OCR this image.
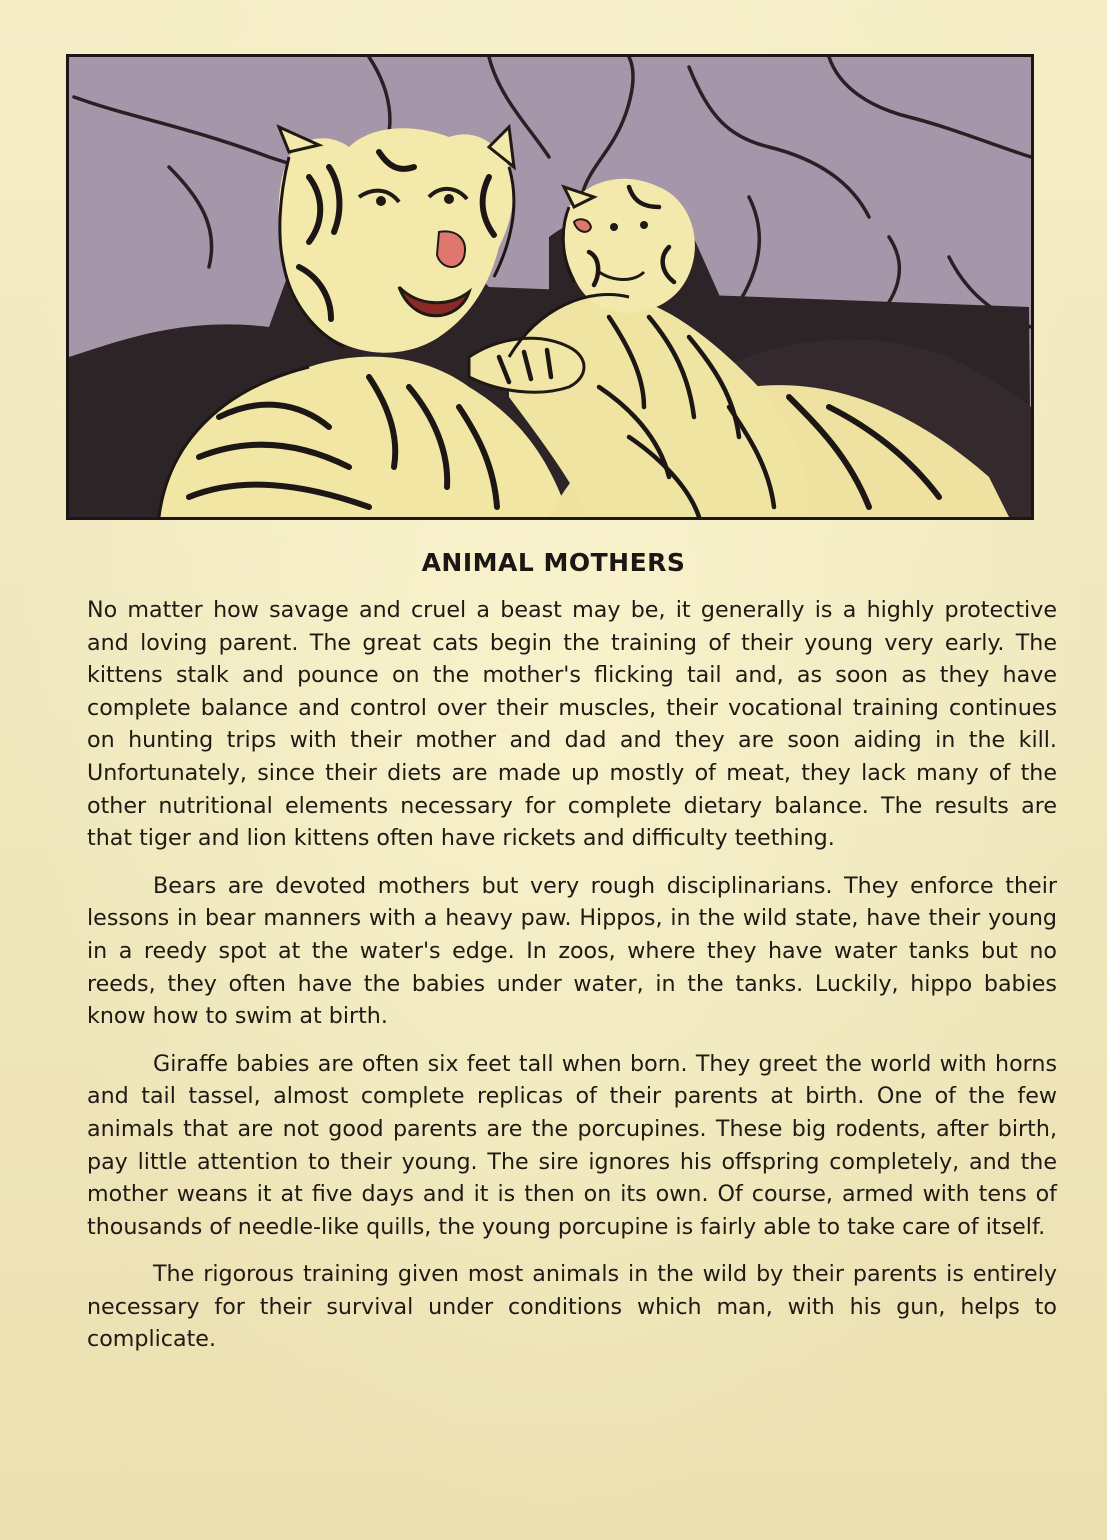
ANIMAL MOTHERS

No matter how savage and cruel a beast may be, it generally is a highly protective and loving parent. The great cats begin the training of their young very early. The kittens stalk and pounce on the mother's flicking tail and, as soon as they have complete balance and control over their muscles, their vocational training continues on hunting trips with their mother and dad and they are soon aiding in the kill. Unfortunately, since their diets are made up mostly of meat, they lack many of the other nutritional elements necessary for complete dietary balance. The results are that tiger and lion kittens often have rickets and difficulty teething.

Bears are devoted mothers but very rough disciplinarians. They enforce their lessons in bear manners with a heavy paw. Hippos, in the wild state, have their young in a reedy spot at the water's edge. In zoos, where they have water tanks but no reeds, they often have the babies under water, in the tanks. Luckily, hippo babies know how to swim at birth.

Giraffe babies are often six feet tall when born. They greet the world with horns and tail tassel, almost complete replicas of their parents at birth. One of the few animals that are not good parents are the porcupines. These big rodents, after birth, pay little attention to their young. The sire ignores his offspring completely, and the mother weans it at five days and it is then on its own. Of course, armed with tens of thousands of needle-like quills, the young porcupine is fairly able to take care of itself.

The rigorous training given most animals in the wild by their parents is entirely necessary for their survival under conditions which man, with his gun, helps to complicate.
